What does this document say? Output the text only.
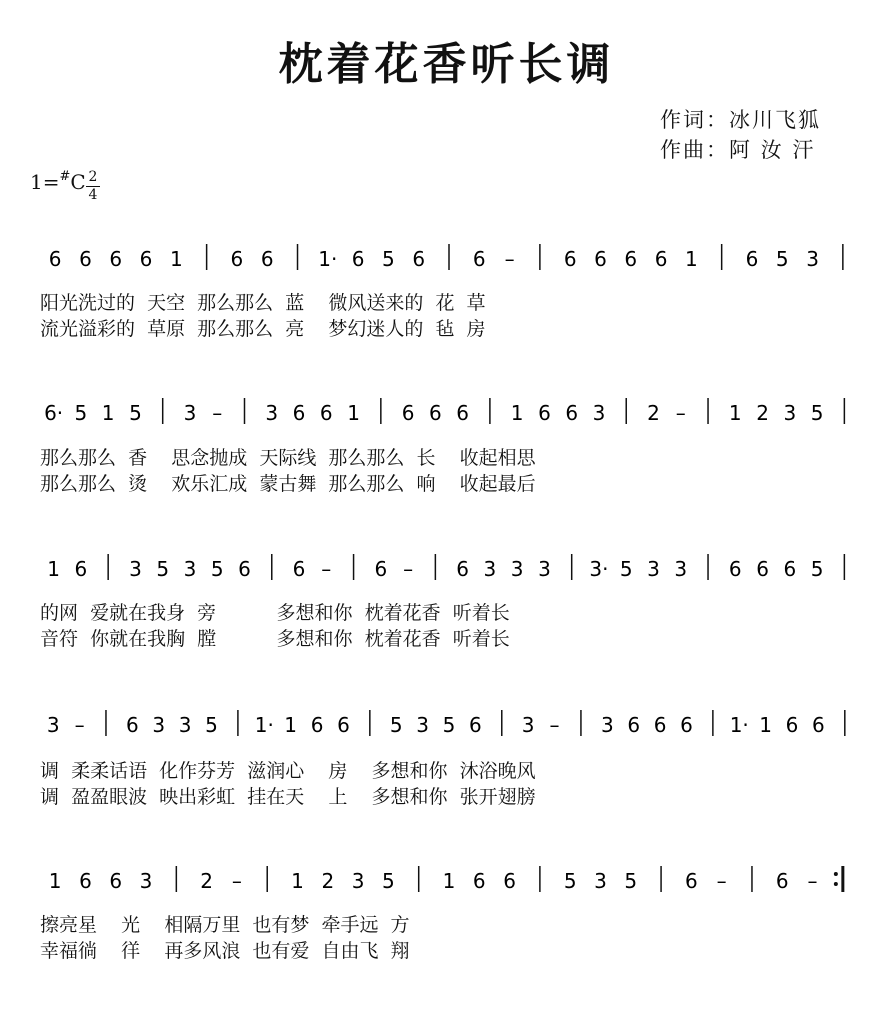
枕着花香听长调
作词：冰川飞狐
作曲：阿 汝 汗
1=#C 2
4
6 6 6 6 1 6 6 1· 6 5 6 6 – 6 6 6 6 1 6 5 3
6· 5 1 5 3 – 3 6 6 1 6 6 6 1 6 6 3 2 – 1 2 3 5
1 6 3 5 3 5 6 6 – 6 – 6 3 3 3 3· 5 3 3 6 6 6 5
3 – 6 3 3 5 1· 1 6 6 5 3 5 6 3 – 3 6 6 6 1· 1 6 6
1 6 6 3 2 – 1 2 3 5 1 6 6 5 3 5 6 – 6 –
阳光洗过的  天空  那么那么  蓝    微风送来的  花  草
流光溢彩的  草原  那么那么  亮    梦幻迷人的  毡  房
那么那么  香    思念抛成  天际线  那么那么  长    收起相思
那么那么  烫    欢乐汇成  蒙古舞  那么那么  响    收起最后
的网  爱就在我身  旁          多想和你  枕着花香  听着长
音符  你就在我胸  膛          多想和你  枕着花香  听着长
调  柔柔话语  化作芬芳  滋润心    房    多想和你  沐浴晚风
调  盈盈眼波  映出彩虹  挂在天    上    多想和你  张开翅膀
擦亮星    光    相隔万里  也有梦  牵手远  方
幸福徜    徉    再多风浪  也有爱  自由飞  翔
